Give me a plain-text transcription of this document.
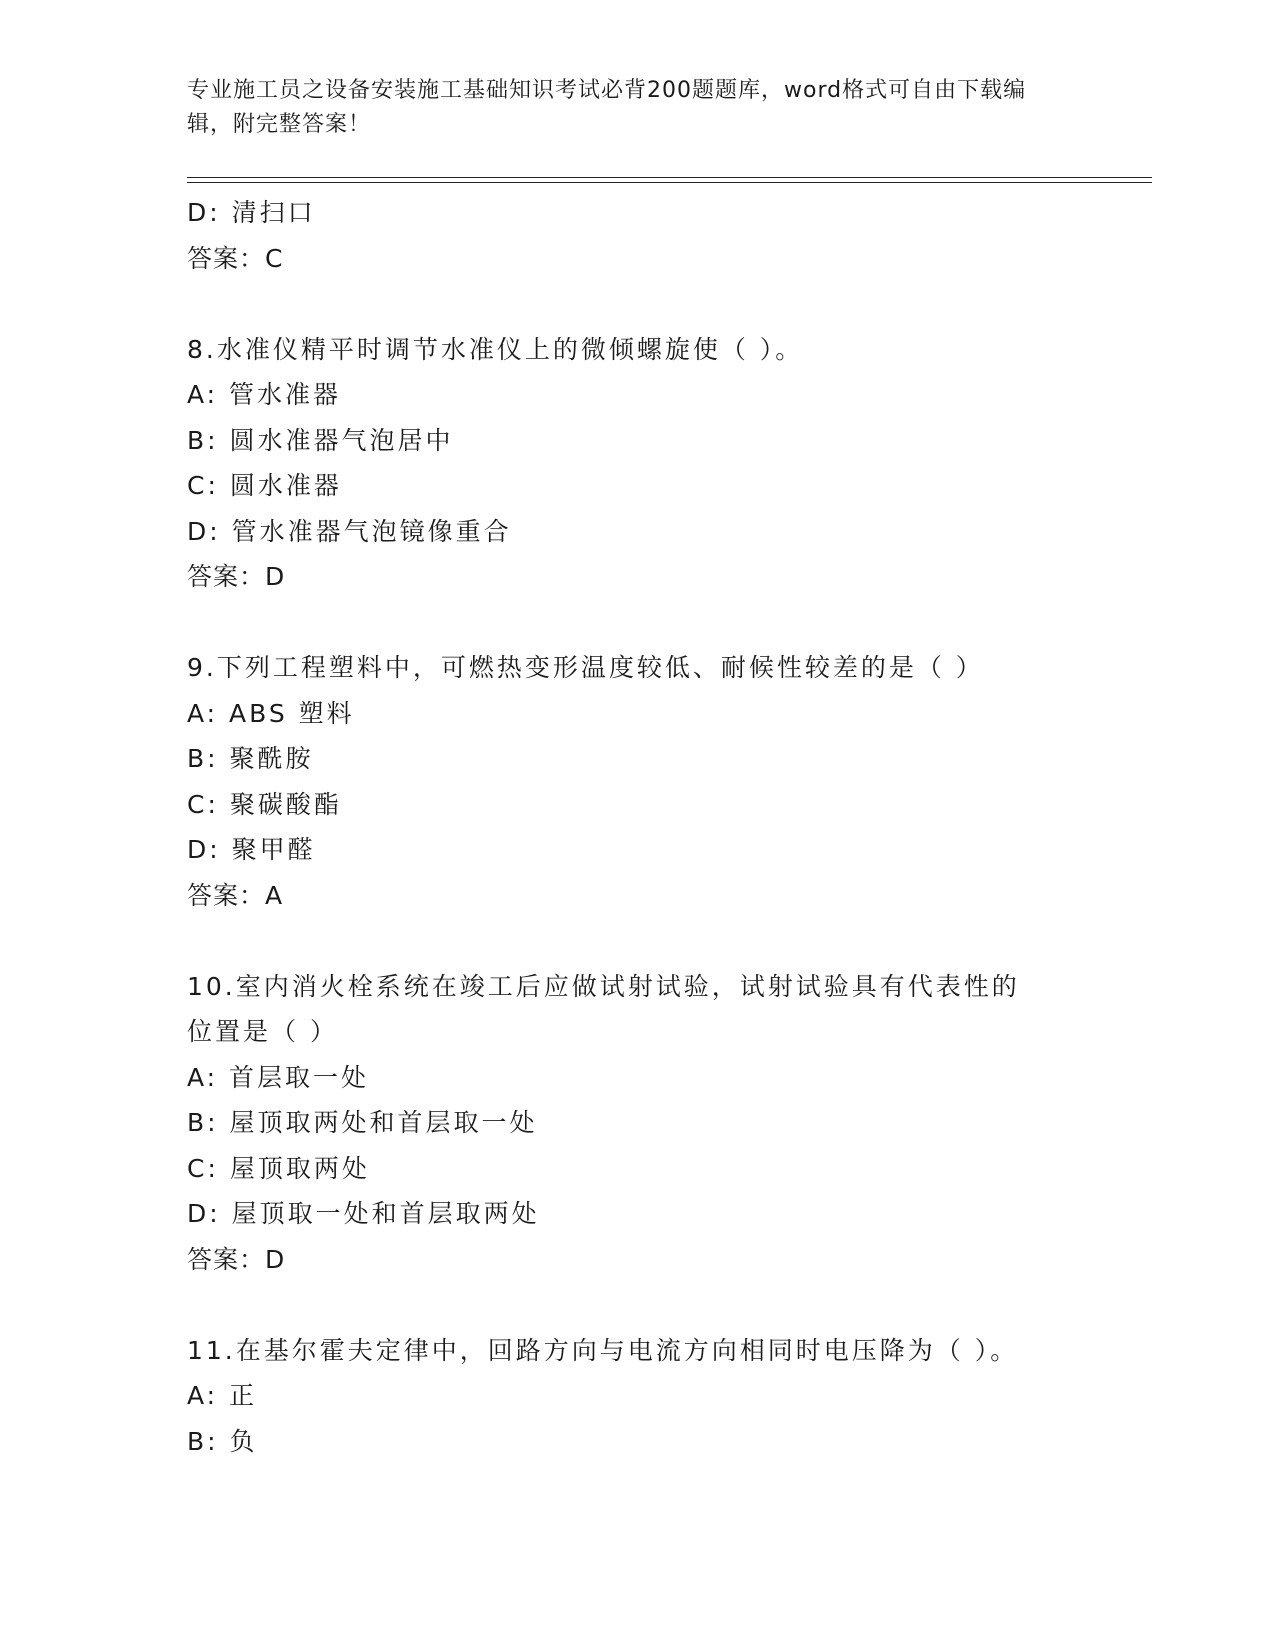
专业施工员之设备安装施工基础知识考试必背200题题库，word格式可自由下载编辑，附完整答案！
D: 清扫口
答案：C
8.水准仪精平时调节水准仪上的微倾螺旋使（ ）。
A: 管水准器
B: 圆水准器气泡居中
C: 圆水准器
D: 管水准器气泡镜像重合
答案：D
9.下列工程塑料中，可燃热变形温度较低、耐候性较差的是（ ）
A: ABS 塑料
B: 聚酰胺
C: 聚碳酸酯
D: 聚甲醛
答案：A
10.室内消火栓系统在竣工后应做试射试验，试射试验具有代表性的位置是（ ）
A: 首层取一处
B: 屋顶取两处和首层取一处
C: 屋顶取两处
D: 屋顶取一处和首层取两处
答案：D
11.在基尔霍夫定律中，回路方向与电流方向相同时电压降为（ ）。
A: 正
B: 负
